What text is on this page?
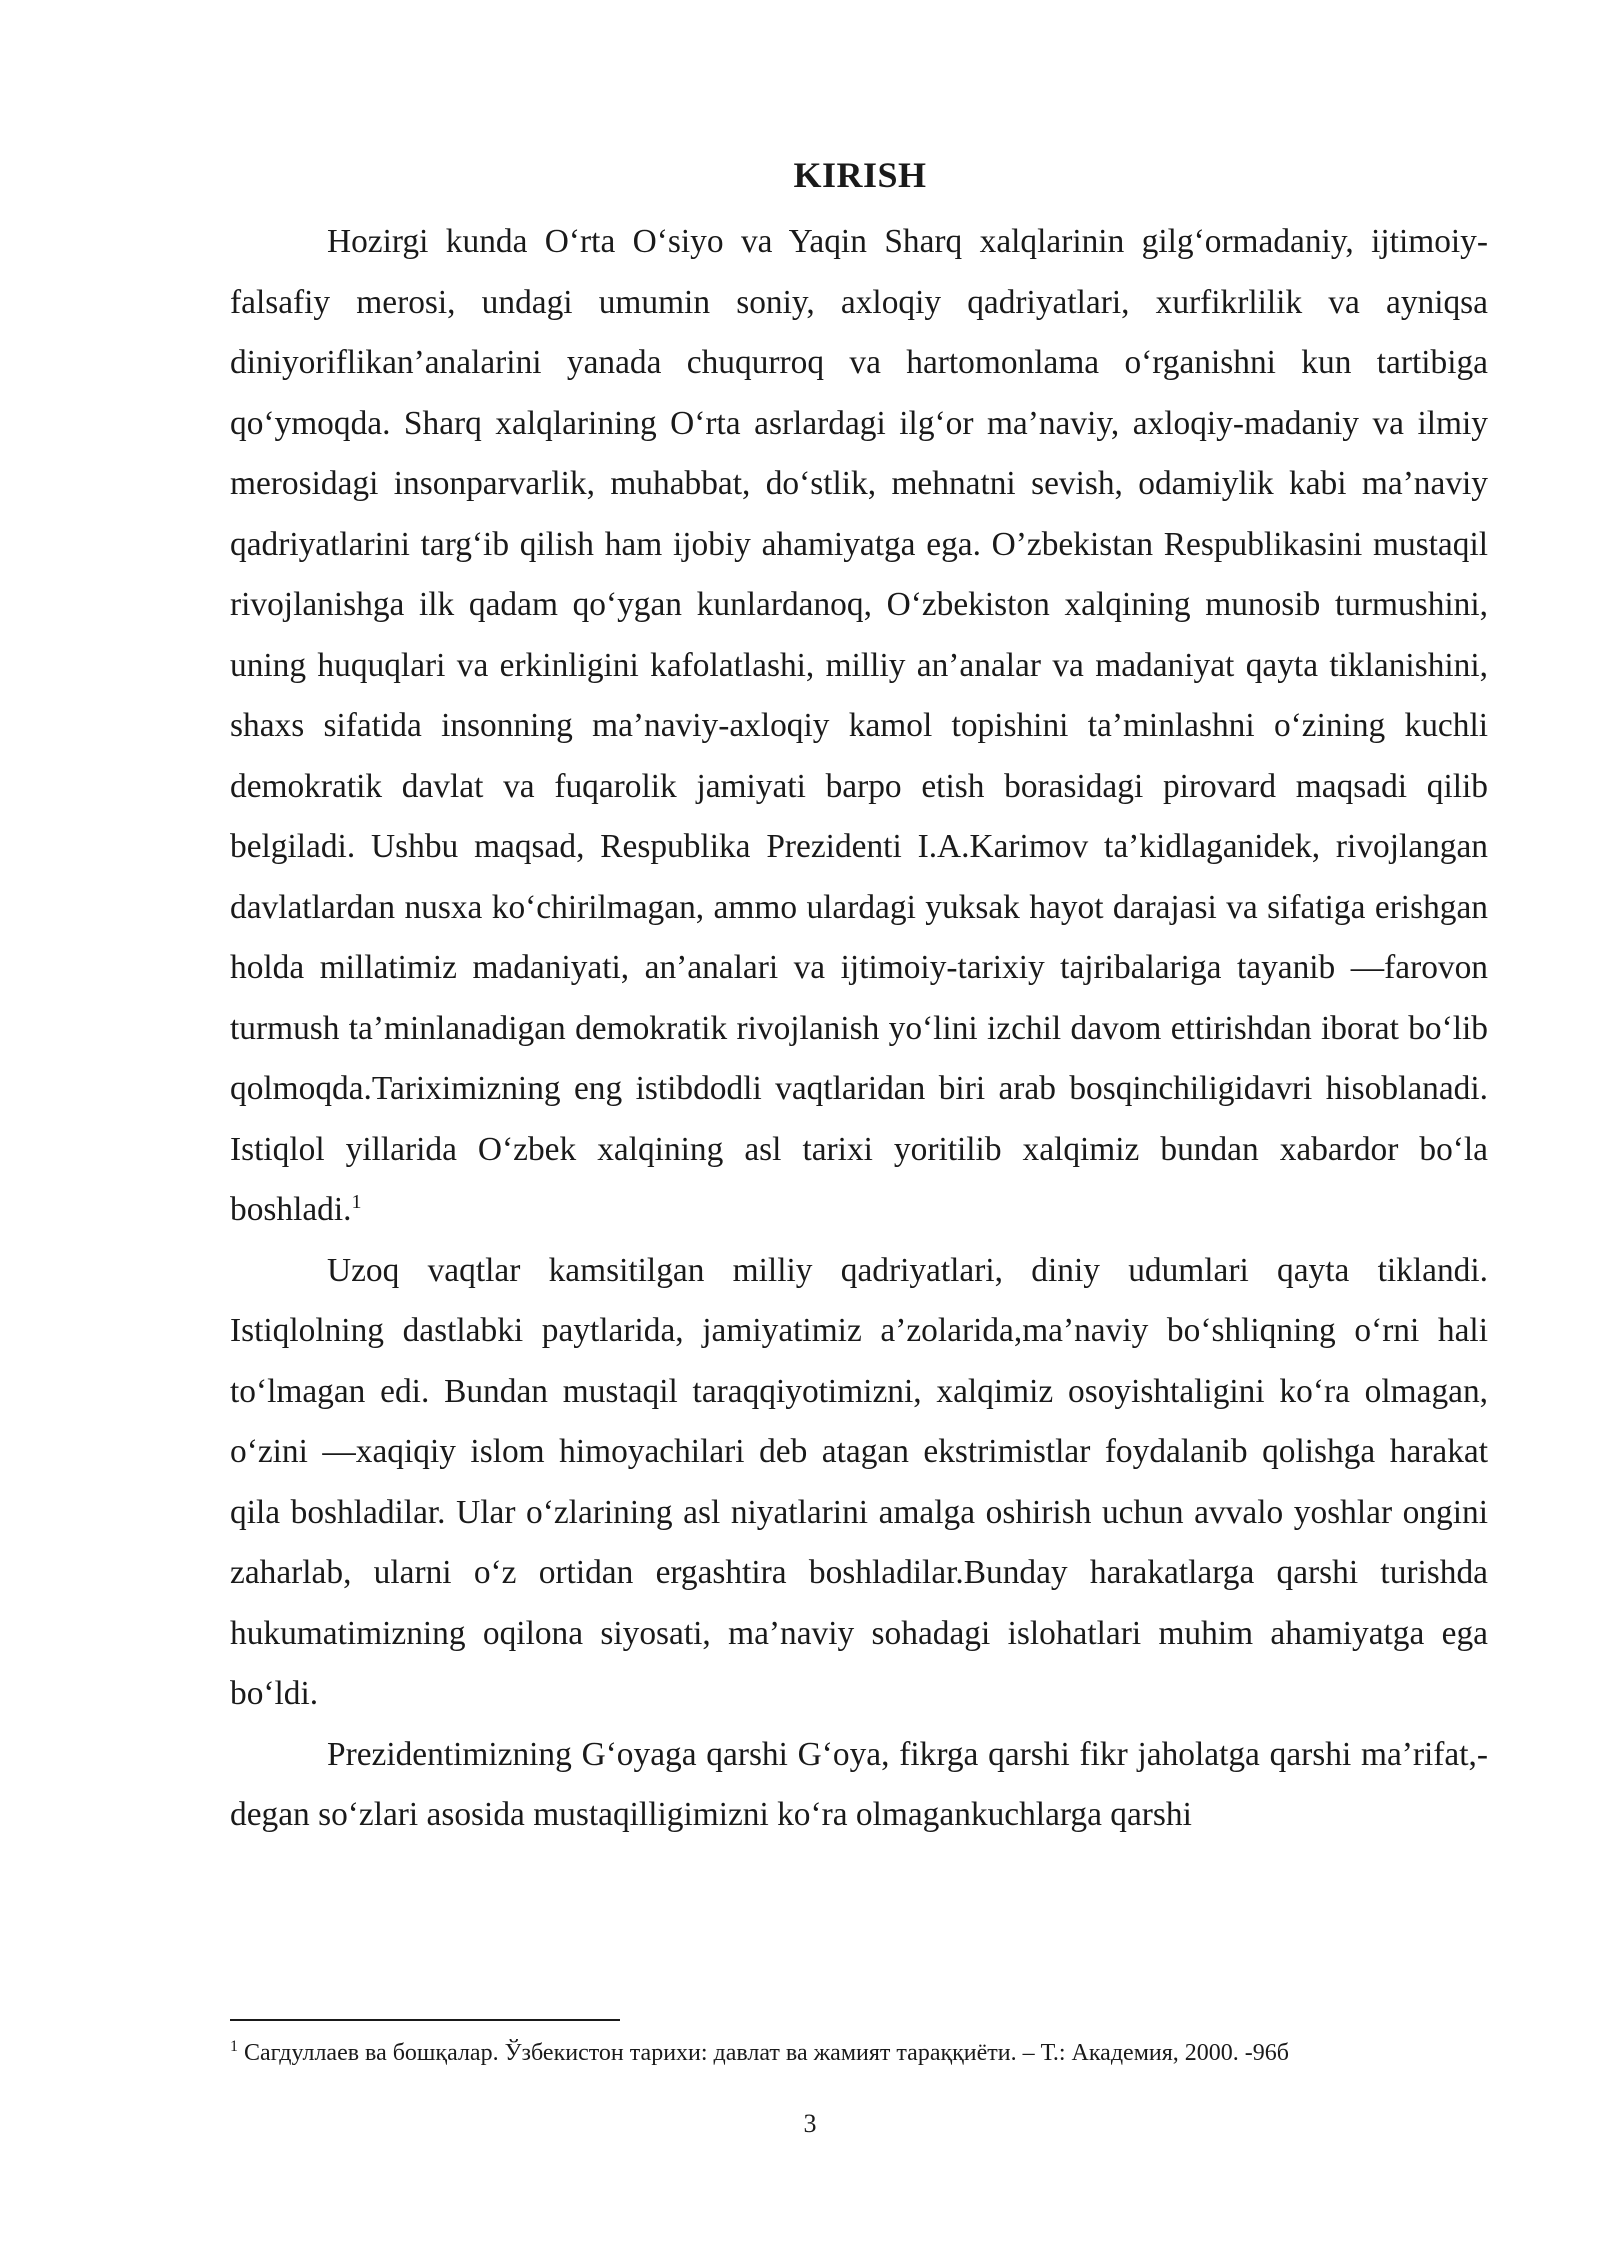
KIRISH

Hozirgi kunda O‘rta O‘siyo va Yaqin Sharq xalqlarinin gilg‘ormadaniy, ijtimoiy-falsafiy merosi, undagi umumin soniy, axloqiy qadriyatlari, xurfikrlilik va ayniqsa diniyoriflikan’analarini yanada chuqurroq va hartomonlama o‘rganishni kun tartibiga qo‘ymoqda. Sharq xalqlarining O‘rta asrlardagi ilg‘or ma’naviy, axloqiy-madaniy va ilmiy merosidagi insonparvarlik, muhabbat, do‘stlik, mehnatni sevish, odamiylik kabi ma’naviy qadriyatlarini targ‘ib qilish ham ijobiy ahamiyatga ega. O’zbekistan Respublikasini mustaqil rivojlanishga ilk qadam qo‘ygan kunlardanoq, O‘zbekiston xalqining munosib turmushini, uning huquqlari va erkinligini kafolatlashi, milliy an’analar va madaniyat qayta tiklanishini, shaxs sifatida insonning ma’naviy-axloqiy kamol topishini ta’minlashni o‘zining kuchli demokratik davlat va fuqarolik jamiyati barpo etish borasidagi pirovard maqsadi qilib belgiladi. Ushbu maqsad, Respublika Prezidenti I.A.Karimov ta’kidlaganidek, rivojlangan davlatlardan nusxa ko‘chirilmagan, ammo ulardagi yuksak hayot darajasi va sifatiga erishgan holda millatimiz madaniyati, an’analari va ijtimoiy-tarixiy tajribalariga tayanib ―farovon turmush ta’minlanadigan demokratik rivojlanish yo‘lini izchil davom ettirishdan iborat bo‘lib qolmoqda.Tariximizning eng istibdodli vaqtlaridan biri arab bosqinchiligidavri hisoblanadi. Istiqlol yillarida O‘zbek xalqining asl tarixi yoritilib xalqimiz bundan xabardor bo‘la boshladi.$^1$

Uzoq vaqtlar kamsitilgan milliy qadriyatlari, diniy udumlari qayta tiklandi. Istiqlolning dastlabki paytlarida, jamiyatimiz a’zolarida,ma’naviy bo‘shliqning o‘rni hali to‘lmagan edi. Bundan mustaqil taraqqiyotimizni, xalqimiz osoyishtaligini ko‘ra olmagan, o‘zini ―xaqiqiy islom himoyachilari deb atagan ekstrimistlar foydalanib qolishga harakat qila boshladilar. Ular o‘zlarining asl niyatlarini amalga oshirish uchun avvalo yoshlar ongini zaharlab, ularni o‘z ortidan ergashtira boshladilar.Bunday harakatlarga qarshi turishda hukumatimizning oqilona siyosati, ma’naviy sohadagi islohatlari muhim ahamiyatga ega bo‘ldi.

Prezidentimizning G‘oyaga qarshi G‘oya, fikrga qarshi fikr jaholatga qarshi ma’rifat,- degan so‘zlari asosida mustaqilligimizni ko‘ra olmagankuchlarga qarshi

$^1$ Сагдуллаев ва бошқалар. Ўзбекистон тарихи: давлат ва жамият тараққиёти. – Т.: Академия, 2000. -96б
3
